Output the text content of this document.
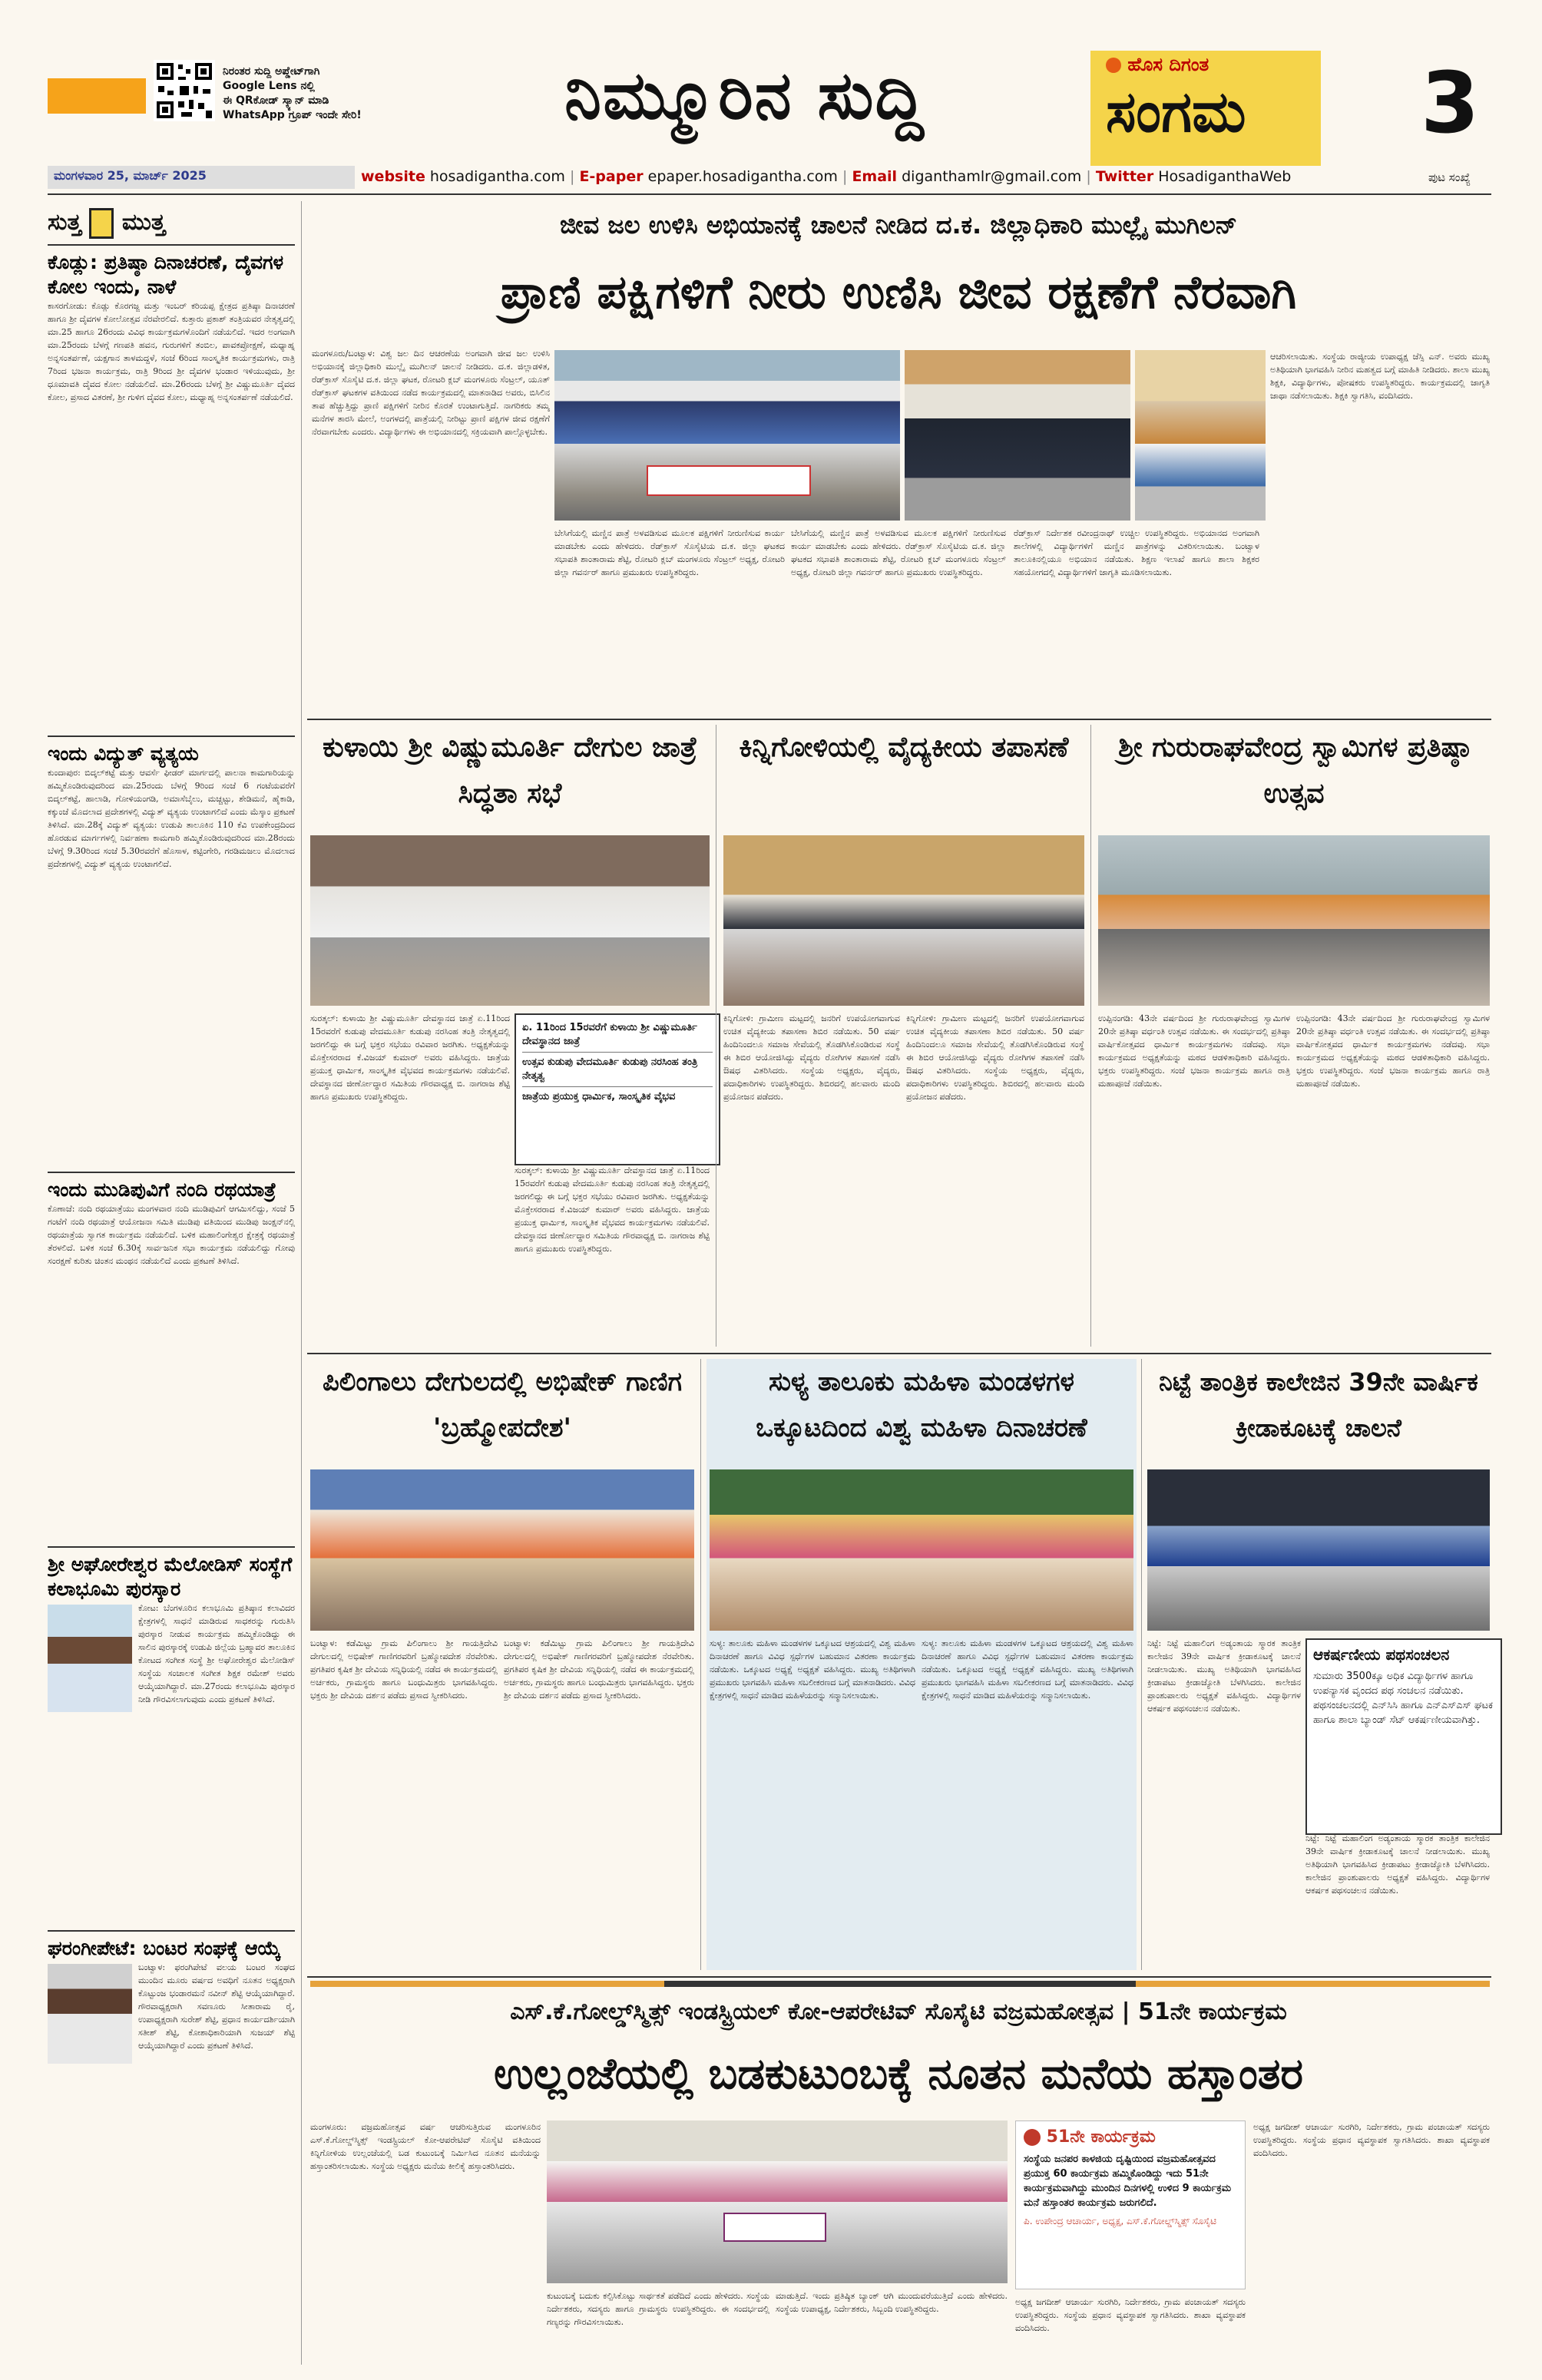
ನಿರಂತರ ಸುದ್ದಿ ಅಪ್ಡೇಟ್‌ಗಾಗಿ
Google Lens ನಲ್ಲಿ
ಈ QRಕೋಡ್ ಸ್ಕ್ಯಾನ್ ಮಾಡಿ
WhatsApp ಗ್ರೂಪ್ ಇಂದೇ ಸೇರಿ!	ನಿಮ್ಮೂರಿನ ಸುದ್ದಿ	ಹೊಸ ದಿಗಂತ
ಸಂಗಮ	3
ಮಂಗಳವಾರ 25, ಮಾರ್ಚ್ 2025	website hosadigantha.com | E-paper epaper.hosadigantha.com | Email diganthamlr@gmail.com | Twitter HosadiganthaWeb	ಪುಟ ಸಂಖ್ಯೆ
ಸುತ್ತ ಮುತ್ತ
ಕೊಡ್ಲು: ಪ್ರತಿಷ್ಠಾ ದಿನಾಚರಣೆ, ದೈವಗಳ ಕೋಲ ಇಂದು, ನಾಳೆ
ಕಾಸರಗೋಡು: ಕೊಡ್ಲು ಕೊರಗಜ್ಜ ಮತ್ತು ಇಂಬರ್ ಕರಿಯಪ್ಪ ಕ್ಷೇತ್ರದ ಪ್ರತಿಷ್ಠಾ ದಿನಾಚರಣೆ ಹಾಗೂ ಶ್ರೀ ದೈವಗಳ ಕೋಲೋತ್ಸವ ನೆರವೇರಲಿದೆ. ಕುತ್ತಾರು ಪ್ರಕಾಶ್ ತಂತ್ರಿಯವರ ನೇತೃತ್ವದಲ್ಲಿ ಮಾ.25 ಹಾಗೂ 26ರಂದು ವಿವಿಧ ಕಾರ್ಯಕ್ರಮಗಳೊಂದಿಗೆ ನಡೆಯಲಿದೆ. ಇದರ ಅಂಗವಾಗಿ ಮಾ.25ರಂದು ಬೆಳಗ್ಗೆ ಗಣಪತಿ ಹವನ, ಗುರುಗಳಿಗೆ ತಂಬಿಲ, ಪಾವಕಪ್ರೋಕ್ಷಣೆ, ಮಧ್ಯಾಹ್ನ ಅನ್ನಸಂತರ್ಪಣೆ, ಯಕ್ಷಗಾನ ತಾಳಮದ್ದಳೆ, ಸಂಜೆ 6ರಿಂದ ಸಾಂಸ್ಕೃತಿಕ ಕಾರ್ಯಕ್ರಮಗಳು, ರಾತ್ರಿ 7ರಿಂದ ಭಜನಾ ಕಾರ್ಯಕ್ರಮ, ರಾತ್ರಿ 9ರಿಂದ ಶ್ರೀ ದೈವಗಳ ಭಂಡಾರ ಇಳಿಯುವುದು, ಶ್ರೀ ಧೂಮಾವತಿ ದೈವದ ಕೋಲ ನಡೆಯಲಿದೆ. ಮಾ.26ರಂದು ಬೆಳಗ್ಗೆ ಶ್ರೀ ವಿಷ್ಣುಮೂರ್ತಿ ದೈವದ ಕೋಲ, ಪ್ರಸಾದ ವಿತರಣೆ, ಶ್ರೀ ಗುಳಿಗ ದೈವದ ಕೋಲ, ಮಧ್ಯಾಹ್ನ ಅನ್ನಸಂತರ್ಪಣೆ ನಡೆಯಲಿದೆ.
ಇಂದು ವಿದ್ಯುತ್ ವ್ಯತ್ಯಯ
ಕುಂದಾಪುರ: ಬಿದ್ಕಲ್‌ಕಟ್ಟೆ ಮತ್ತು ಆವರ್ಸೆ ಫೀಡರ್ ಮಾರ್ಗದಲ್ಲಿ ಪಾಲನಾ ಕಾಮಗಾರಿಯನ್ನು ಹಮ್ಮಿಕೊಂಡಿರುವುದರಿಂದ ಮಾ.25ರಂದು ಬೆಳಗ್ಗೆ 9ರಿಂದ ಸಂಜೆ 6 ಗಂಟೆಯವರೆಗೆ ಬಿದ್ಕಲ್‌ಕಟ್ಟೆ, ಹಾಲಾಡಿ, ಗೋಳಿಯಂಗಡಿ, ಅಮಾಸೆಬೈಲು, ಮಚ್ಚಟ್ಟು, ಶೇಡಿಮನೆ, ಹೈಕಾಡಿ, ಕಕ್ಕುಂಜೆ ಮೊದಲಾದ ಪ್ರದೇಶಗಳಲ್ಲಿ ವಿದ್ಯುತ್ ವ್ಯತ್ಯಯ ಉಂಟಾಗಲಿದೆ ಎಂದು ಮೆಸ್ಕಾಂ ಪ್ರಕಟಣೆ ತಿಳಿಸಿದೆ. ಮಾ.28ಕ್ಕೆ ವಿದ್ಯುತ್ ವ್ಯತ್ಯಯ: ಉಡುಪಿ ತಾಲೂಕಿನ 110 ಕೆವಿ ಉಪಕೇಂದ್ರದಿಂದ ಹೊರಡುವ ಮಾರ್ಗಗಳಲ್ಲಿ ನಿರ್ವಹಣಾ ಕಾಮಗಾರಿ ಹಮ್ಮಿಕೊಂಡಿರುವುದರಿಂದ ಮಾ.28ರಂದು ಬೆಳಗ್ಗೆ 9.30ರಿಂದ ಸಂಜೆ 5.30ರವರೆಗೆ ಹೊಸಾಳ, ಕಟ್ಟಿಂಗೇರಿ, ಗರಡಿಮಜಲು ಮೊದಲಾದ ಪ್ರದೇಶಗಳಲ್ಲಿ ವಿದ್ಯುತ್ ವ್ಯತ್ಯಯ ಉಂಟಾಗಲಿದೆ.
ಇಂದು ಮುಡಿಪುವಿಗೆ ನಂದಿ ರಥಯಾತ್ರೆ
ಕೊಣಾಜೆ: ನಂದಿ ರಥಯಾತ್ರೆಯು ಮಂಗಳವಾರ ನಂದಿ ಮುಡಿಪುವಿಗೆ ಆಗಮಿಸಲಿದ್ದು, ಸಂಜೆ 5 ಗಂಟೆಗೆ ನಂದಿ ರಥಯಾತ್ರೆ ಆಯೋಜನಾ ಸಮಿತಿ ಮುಡಿಪು ವತಿಯಿಂದ ಮುಡಿಪು ಜಂಕ್ಷನ್‌ನಲ್ಲಿ ರಥಯಾತ್ರೆಯ ಸ್ವಾಗತ ಕಾರ್ಯಕ್ರಮ ನಡೆಯಲಿದೆ. ಬಳಿಕ ಮಹಾಲಿಂಗೇಶ್ವರ ಕ್ಷೇತ್ರಕ್ಕೆ ರಥಯಾತ್ರೆ ತೆರಳಲಿದೆ. ಬಳಿಕ ಸಂಜೆ 6.30ಕ್ಕೆ ಸಾರ್ವಜನಿಕ ಸಭಾ ಕಾರ್ಯಕ್ರಮ ನಡೆಯಲಿದ್ದು ಗೋವು ಸಂರಕ್ಷಣೆ ಕುರಿತು ಚಿಂತನ ಮಂಥನ ನಡೆಯಲಿದೆ ಎಂದು ಪ್ರಕಟಣೆ ತಿಳಿಸಿದೆ.
ಶ್ರೀ ಅಘೋರೇಶ್ವರ ಮೆಲೋಡಿಸ್ ಸಂಸ್ಥೆಗೆ ಕಲಾಭೂಮಿ ಪುರಸ್ಕಾರ
ಕೋಟ: ಬೆಂಗಳೂರಿನ ಕಲಾಭೂಮಿ ಪ್ರತಿಷ್ಠಾನ ಕಲಾವಿದರ ಕ್ಷೇತ್ರಗಳಲ್ಲಿ ಸಾಧನೆ ಮಾಡಿರುವ ಸಾಧಕರನ್ನು ಗುರುತಿಸಿ ಪುರಸ್ಕಾರ ನೀಡುವ ಕಾರ್ಯಕ್ರಮ ಹಮ್ಮಿಕೊಂಡಿದ್ದು ಈ ಸಾಲಿನ ಪುರಸ್ಕಾರಕ್ಕೆ ಉಡುಪಿ ಜಿಲ್ಲೆಯ ಬ್ರಹ್ಮಾವರ ತಾಲೂಕಿನ ಕೋಟದ ಸಂಗೀತ ಸಂಸ್ಥೆ ಶ್ರೀ ಅಘೋರೇಶ್ವರ ಮೆಲೋಡಿಸ್ ಸಂಸ್ಥೆಯ ಸಂಚಾಲಕ ಸಂಗೀತ ಶಿಕ್ಷಕ ರಮೇಶ್ ಅವರು ಆಯ್ಕೆಯಾಗಿದ್ದಾರೆ. ಮಾ.27ರಂದು ಕಲಾಭೂಮಿ ಪುರಸ್ಕಾರ ನೀಡಿ ಗೌರವಿಸಲಾಗುವುದು ಎಂದು ಪ್ರಕಟಣೆ ತಿಳಿಸಿದೆ.
ಘರಂಗೀಪೇಟೆ: ಬಂಟರ ಸಂಘಕ್ಕೆ ಆಯ್ಕೆ
ಬಂಟ್ವಾಳ: ಫರಂಗಿಪೇಟೆ ವಲಯ ಬಂಟರ ಸಂಘದ ಮುಂದಿನ ಮೂರು ವರ್ಷದ ಅವಧಿಗೆ ನೂತನ ಅಧ್ಯಕ್ಷರಾಗಿ ಕೊಟ್ಟುಂಜ ಭಂಡಾರಮನೆ ನವೀನ್ ಶೆಟ್ಟಿ ಆಯ್ಕೆಯಾಗಿದ್ದಾರೆ. ಗೌರವಾಧ್ಯಕ್ಷರಾಗಿ ಸವಣೂರು ಸೀತಾರಾಮ ರೈ, ಉಪಾಧ್ಯಕ್ಷರಾಗಿ ಸುರೇಶ್ ಶೆಟ್ಟಿ, ಪ್ರಧಾನ ಕಾರ್ಯದರ್ಶಿಯಾಗಿ ಸತೀಶ್ ಶೆಟ್ಟಿ, ಕೋಶಾಧಿಕಾರಿಯಾಗಿ ಸುಜಯ್ ಶೆಟ್ಟಿ ಆಯ್ಕೆಯಾಗಿದ್ದಾರೆ ಎಂದು ಪ್ರಕಟಣೆ ತಿಳಿಸಿದೆ.
ಜೀವ ಜಲ ಉಳಿಸಿ ಅಭಿಯಾನಕ್ಕೆ ಚಾಲನೆ ನೀಡಿದ ದ.ಕ. ಜಿಲ್ಲಾಧಿಕಾರಿ ಮುಲ್ಲೈ ಮುಗಿಲನ್
ಪ್ರಾಣಿ ಪಕ್ಷಿಗಳಿಗೆ ನೀರು ಉಣಿಸಿ ಜೀವ ರಕ್ಷಣೆಗೆ ನೆರವಾಗಿ
ಮಂಗಳೂರು/ಬಂಟ್ವಾಳ: ವಿಶ್ವ ಜಲ ದಿನ ಆಚರಣೆಯ ಅಂಗವಾಗಿ ಜೀವ ಜಲ ಉಳಿಸಿ ಅಭಿಯಾನಕ್ಕೆ ಜಿಲ್ಲಾಧಿಕಾರಿ ಮುಲ್ಲೈ ಮುಗಿಲನ್ ಚಾಲನೆ ನೀಡಿದರು. ದ.ಕ. ಜಿಲ್ಲಾಡಳಿತ, ರೆಡ್‌ಕ್ರಾಸ್ ಸೊಸೈಟಿ ದ.ಕ. ಜಿಲ್ಲಾ ಘಟಕ, ರೋಟರಿ ಕ್ಲಬ್ ಮಂಗಳೂರು ಸೆಂಟ್ರಲ್, ಯೂತ್ ರೆಡ್‌ಕ್ರಾಸ್ ಘಟಕಗಳ ವತಿಯಿಂದ ನಡೆದ ಕಾರ್ಯಕ್ರಮದಲ್ಲಿ ಮಾತನಾಡಿದ ಅವರು, ಬಿಸಿಲಿನ ತಾಪ ಹೆಚ್ಚುತ್ತಿದ್ದು ಪ್ರಾಣಿ ಪಕ್ಷಿಗಳಿಗೆ ನೀರಿನ ಕೊರತೆ ಉಂಟಾಗುತ್ತಿದೆ. ನಾಗರಿಕರು ತಮ್ಮ ಮನೆಗಳ ತಾರಸಿ ಮೇಲೆ, ಅಂಗಳದಲ್ಲಿ ಪಾತ್ರೆಯಲ್ಲಿ ನೀರಿಟ್ಟು ಪ್ರಾಣಿ ಪಕ್ಷಿಗಳ ಜೀವ ರಕ್ಷಣೆಗೆ ನೆರವಾಗಬೇಕು ಎಂದರು. ವಿದ್ಯಾರ್ಥಿಗಳು ಈ ಅಭಿಯಾನದಲ್ಲಿ ಸಕ್ರಿಯವಾಗಿ ಪಾಲ್ಗೊಳ್ಳಬೇಕು.
ಬೇಸಿಗೆಯಲ್ಲಿ ಮಣ್ಣಿನ ಪಾತ್ರೆ ಅಳವಡಿಸುವ ಮೂಲಕ ಪಕ್ಷಿಗಳಿಗೆ ನೀರುಣಿಸುವ ಕಾರ್ಯ ಮಾಡಬೇಕು ಎಂದು ಹೇಳಿದರು. ರೆಡ್‌ಕ್ರಾಸ್ ಸೊಸೈಟಿಯ ದ.ಕ. ಜಿಲ್ಲಾ ಘಟಕದ ಸಭಾಪತಿ ಶಾಂತಾರಾಮ ಶೆಟ್ಟಿ, ರೋಟರಿ ಕ್ಲಬ್ ಮಂಗಳೂರು ಸೆಂಟ್ರಲ್ ಅಧ್ಯಕ್ಷ, ರೋಟರಿ ಜಿಲ್ಲಾ ಗವರ್ನರ್ ಹಾಗೂ ಪ್ರಮುಖರು ಉಪಸ್ಥಿತರಿದ್ದರು.
ಬೇಸಿಗೆಯಲ್ಲಿ ಮಣ್ಣಿನ ಪಾತ್ರೆ ಅಳವಡಿಸುವ ಮೂಲಕ ಪಕ್ಷಿಗಳಿಗೆ ನೀರುಣಿಸುವ ಕಾರ್ಯ ಮಾಡಬೇಕು ಎಂದು ಹೇಳಿದರು. ರೆಡ್‌ಕ್ರಾಸ್ ಸೊಸೈಟಿಯ ದ.ಕ. ಜಿಲ್ಲಾ ಘಟಕದ ಸಭಾಪತಿ ಶಾಂತಾರಾಮ ಶೆಟ್ಟಿ, ರೋಟರಿ ಕ್ಲಬ್ ಮಂಗಳೂರು ಸೆಂಟ್ರಲ್ ಅಧ್ಯಕ್ಷ, ರೋಟರಿ ಜಿಲ್ಲಾ ಗವರ್ನರ್ ಹಾಗೂ ಪ್ರಮುಖರು ಉಪಸ್ಥಿತರಿದ್ದರು.
ರೆಡ್‌ಕ್ರಾಸ್ ನಿರ್ದೇಶಕ ರವೀಂದ್ರನಾಥ್ ಉಚ್ಚಿಲ ಉಪಸ್ಥಿತರಿದ್ದರು. ಅಭಿಯಾನದ ಅಂಗವಾಗಿ ಶಾಲೆಗಳಲ್ಲಿ ವಿದ್ಯಾರ್ಥಿಗಳಿಗೆ ಮಣ್ಣಿನ ಪಾತ್ರೆಗಳನ್ನು ವಿತರಿಸಲಾಯಿತು. ಬಂಟ್ವಾಳ ತಾಲೂಕಿನಲ್ಲಿಯೂ ಅಭಿಯಾನ ನಡೆಯಿತು. ಶಿಕ್ಷಣ ಇಲಾಖೆ ಹಾಗೂ ಶಾಲಾ ಶಿಕ್ಷಕರ ಸಹಯೋಗದಲ್ಲಿ ವಿದ್ಯಾರ್ಥಿಗಳಿಗೆ ಜಾಗೃತಿ ಮೂಡಿಸಲಾಯಿತು.
ಆಚರಿಸಲಾಯಿತು. ಸಂಸ್ಥೆಯ ರಾಜ್ಯೀಯ ಉಪಾಧ್ಯಕ್ಷ ಜೆಸ್ಸಿ ಎನ್. ಅವರು ಮುಖ್ಯ ಅತಿಥಿಯಾಗಿ ಭಾಗವಹಿಸಿ ನೀರಿನ ಮಹತ್ವದ ಬಗ್ಗೆ ಮಾಹಿತಿ ನೀಡಿದರು. ಶಾಲಾ ಮುಖ್ಯ ಶಿಕ್ಷಕಿ, ವಿದ್ಯಾರ್ಥಿಗಳು, ಪೋಷಕರು ಉಪಸ್ಥಿತರಿದ್ದರು. ಕಾರ್ಯಕ್ರಮದಲ್ಲಿ ಜಾಗೃತಿ ಜಾಥಾ ನಡೆಸಲಾಯಿತು. ಶಿಕ್ಷಕಿ ಸ್ವಾಗತಿಸಿ, ವಂದಿಸಿದರು.
ಕುಳಾಯಿ ಶ್ರೀ ವಿಷ್ಣುಮೂರ್ತಿ ದೇಗುಲ ಜಾತ್ರೆ ಸಿದ್ಧತಾ ಸಭೆ
ಸುರತ್ಕಲ್: ಕುಳಾಯಿ ಶ್ರೀ ವಿಷ್ಣುಮೂರ್ತಿ ದೇವಸ್ಥಾನದ ಜಾತ್ರೆ ಏ.11ರಿಂದ 15ರವರೆಗೆ ಕುಡುಪು ವೇದಮೂರ್ತಿ ಕುಡುಪು ನರಸಿಂಹ ತಂತ್ರಿ ನೇತೃತ್ವದಲ್ಲಿ ಜರಗಲಿದ್ದು ಈ ಬಗ್ಗೆ ಭಕ್ತರ ಸಭೆಯು ರವಿವಾರ ಜರಗಿತು. ಅಧ್ಯಕ್ಷತೆಯನ್ನು ಮೊಕ್ತೇಸರರಾದ ಕೆ.ವಿಜಯ್ ಕುಮಾರ್ ಅವರು ವಹಿಸಿದ್ದರು. ಜಾತ್ರೆಯ ಪ್ರಯುಕ್ತ ಧಾರ್ಮಿಕ, ಸಾಂಸ್ಕೃತಿಕ ವೈಭವದ ಕಾರ್ಯಕ್ರಮಗಳು ನಡೆಯಲಿವೆ. ದೇವಸ್ಥಾನದ ಜೀರ್ಣೋದ್ಧಾರ ಸಮಿತಿಯ ಗೌರವಾಧ್ಯಕ್ಷ ಬಿ. ನಾಗರಾಜ ಶೆಟ್ಟಿ ಹಾಗೂ ಪ್ರಮುಖರು ಉಪಸ್ಥಿತರಿದ್ದರು.
ಏ. 11ರಿಂದ 15ರವರೆಗೆ ಕುಳಾಯಿ ಶ್ರೀ ವಿಷ್ಣುಮೂರ್ತಿ ದೇವಸ್ಥಾನದ ಜಾತ್ರೆ
ಉತ್ಸವ ಕುಡುಪು ವೇದಮೂರ್ತಿ ಕುಡುಪು ನರಸಿಂಹ ತಂತ್ರಿ ನೇತೃತ್ವ
ಜಾತ್ರೆಯ ಪ್ರಯುಕ್ತ ಧಾರ್ಮಿಕ, ಸಾಂಸ್ಕೃತಿಕ ವೈಭವ
ಸುರತ್ಕಲ್: ಕುಳಾಯಿ ಶ್ರೀ ವಿಷ್ಣುಮೂರ್ತಿ ದೇವಸ್ಥಾನದ ಜಾತ್ರೆ ಏ.11ರಿಂದ 15ರವರೆಗೆ ಕುಡುಪು ವೇದಮೂರ್ತಿ ಕುಡುಪು ನರಸಿಂಹ ತಂತ್ರಿ ನೇತೃತ್ವದಲ್ಲಿ ಜರಗಲಿದ್ದು ಈ ಬಗ್ಗೆ ಭಕ್ತರ ಸಭೆಯು ರವಿವಾರ ಜರಗಿತು. ಅಧ್ಯಕ್ಷತೆಯನ್ನು ಮೊಕ್ತೇಸರರಾದ ಕೆ.ವಿಜಯ್ ಕುಮಾರ್ ಅವರು ವಹಿಸಿದ್ದರು. ಜಾತ್ರೆಯ ಪ್ರಯುಕ್ತ ಧಾರ್ಮಿಕ, ಸಾಂಸ್ಕೃತಿಕ ವೈಭವದ ಕಾರ್ಯಕ್ರಮಗಳು ನಡೆಯಲಿವೆ. ದೇವಸ್ಥಾನದ ಜೀರ್ಣೋದ್ಧಾರ ಸಮಿತಿಯ ಗೌರವಾಧ್ಯಕ್ಷ ಬಿ. ನಾಗರಾಜ ಶೆಟ್ಟಿ ಹಾಗೂ ಪ್ರಮುಖರು ಉಪಸ್ಥಿತರಿದ್ದರು.
ಕಿನ್ನಿಗೋಳಿಯಲ್ಲಿ ವೈದ್ಯಕೀಯ ತಪಾಸಣೆ
ಕಿನ್ನಿಗೋಳಿ: ಗ್ರಾಮೀಣ ಮಟ್ಟದಲ್ಲಿ ಜನರಿಗೆ ಉಪಯೋಗವಾಗುವ ಉಚಿತ ವೈದ್ಯಕೀಯ ತಪಾಸಣಾ ಶಿಬಿರ ನಡೆಯಿತು. 50 ವರ್ಷ ಹಿಂದಿನಿಂದಲೂ ಸಮಾಜ ಸೇವೆಯಲ್ಲಿ ತೊಡಗಿಸಿಕೊಂಡಿರುವ ಸಂಸ್ಥೆ ಈ ಶಿಬಿರ ಆಯೋಜಿಸಿದ್ದು ವೈದ್ಯರು ರೋಗಿಗಳ ತಪಾಸಣೆ ನಡೆಸಿ ಔಷಧ ವಿತರಿಸಿದರು. ಸಂಸ್ಥೆಯ ಅಧ್ಯಕ್ಷರು, ವೈದ್ಯರು, ಪದಾಧಿಕಾರಿಗಳು ಉಪಸ್ಥಿತರಿದ್ದರು. ಶಿಬಿರದಲ್ಲಿ ಹಲವಾರು ಮಂದಿ ಪ್ರಯೋಜನ ಪಡೆದರು.
ಕಿನ್ನಿಗೋಳಿ: ಗ್ರಾಮೀಣ ಮಟ್ಟದಲ್ಲಿ ಜನರಿಗೆ ಉಪಯೋಗವಾಗುವ ಉಚಿತ ವೈದ್ಯಕೀಯ ತಪಾಸಣಾ ಶಿಬಿರ ನಡೆಯಿತು. 50 ವರ್ಷ ಹಿಂದಿನಿಂದಲೂ ಸಮಾಜ ಸೇವೆಯಲ್ಲಿ ತೊಡಗಿಸಿಕೊಂಡಿರುವ ಸಂಸ್ಥೆ ಈ ಶಿಬಿರ ಆಯೋಜಿಸಿದ್ದು ವೈದ್ಯರು ರೋಗಿಗಳ ತಪಾಸಣೆ ನಡೆಸಿ ಔಷಧ ವಿತರಿಸಿದರು. ಸಂಸ್ಥೆಯ ಅಧ್ಯಕ್ಷರು, ವೈದ್ಯರು, ಪದಾಧಿಕಾರಿಗಳು ಉಪಸ್ಥಿತರಿದ್ದರು. ಶಿಬಿರದಲ್ಲಿ ಹಲವಾರು ಮಂದಿ ಪ್ರಯೋಜನ ಪಡೆದರು.
ಶ್ರೀ ಗುರುರಾಘವೇಂದ್ರ ಸ್ವಾಮಿಗಳ ಪ್ರತಿಷ್ಠಾ ಉತ್ಸವ
ಉಪ್ಪಿನಂಗಡಿ: 43ನೇ ವರ್ಷದಿಂದ ಶ್ರೀ ಗುರುರಾಘವೇಂದ್ರ ಸ್ವಾಮಿಗಳ 20ನೇ ಪ್ರತಿಷ್ಠಾ ವರ್ಧಂತಿ ಉತ್ಸವ ನಡೆಯಿತು. ಈ ಸಂದರ್ಭದಲ್ಲಿ ಪ್ರತಿಷ್ಠಾ ವಾರ್ಷಿಕೋತ್ಸವದ ಧಾರ್ಮಿಕ ಕಾರ್ಯಕ್ರಮಗಳು ನಡೆದವು. ಸಭಾ ಕಾರ್ಯಕ್ರಮದ ಅಧ್ಯಕ್ಷತೆಯನ್ನು ಮಠದ ಆಡಳಿತಾಧಿಕಾರಿ ವಹಿಸಿದ್ದರು. ಭಕ್ತರು ಉಪಸ್ಥಿತರಿದ್ದರು. ಸಂಜೆ ಭಜನಾ ಕಾರ್ಯಕ್ರಮ ಹಾಗೂ ರಾತ್ರಿ ಮಹಾಪೂಜೆ ನಡೆಯಿತು.
ಉಪ್ಪಿನಂಗಡಿ: 43ನೇ ವರ್ಷದಿಂದ ಶ್ರೀ ಗುರುರಾಘವೇಂದ್ರ ಸ್ವಾಮಿಗಳ 20ನೇ ಪ್ರತಿಷ್ಠಾ ವರ್ಧಂತಿ ಉತ್ಸವ ನಡೆಯಿತು. ಈ ಸಂದರ್ಭದಲ್ಲಿ ಪ್ರತಿಷ್ಠಾ ವಾರ್ಷಿಕೋತ್ಸವದ ಧಾರ್ಮಿಕ ಕಾರ್ಯಕ್ರಮಗಳು ನಡೆದವು. ಸಭಾ ಕಾರ್ಯಕ್ರಮದ ಅಧ್ಯಕ್ಷತೆಯನ್ನು ಮಠದ ಆಡಳಿತಾಧಿಕಾರಿ ವಹಿಸಿದ್ದರು. ಭಕ್ತರು ಉಪಸ್ಥಿತರಿದ್ದರು. ಸಂಜೆ ಭಜನಾ ಕಾರ್ಯಕ್ರಮ ಹಾಗೂ ರಾತ್ರಿ ಮಹಾಪೂಜೆ ನಡೆಯಿತು.
ಪಿಲಿಂಗಾಲು ದೇಗುಲದಲ್ಲಿ ಅಭಿಷೇಕ್ ಗಾಣಿಗ 'ಬ್ರಹ್ಮೋಪದೇಶ'
ಬಂಟ್ವಾಳ: ಕಡೆಮಿಟ್ಟು ಗ್ರಾಮ ಪಿಲಿಂಗಾಲು ಶ್ರೀ ಗಾಯತ್ರಿದೇವಿ ದೇಗುಲದಲ್ಲಿ ಅಭಿಷೇಕ್ ಗಾಣಿಗರವರಿಗೆ ಬ್ರಹ್ಮೋಪದೇಶ ನೆರವೇರಿತು. ಪ್ರಗತಿಪರ ಕೃಷಿಕ ಶ್ರೀ ದೇವಿಯ ಸನ್ನಿಧಿಯಲ್ಲಿ ನಡೆದ ಈ ಕಾರ್ಯಕ್ರಮದಲ್ಲಿ ಅರ್ಚಕರು, ಗ್ರಾಮಸ್ಥರು ಹಾಗೂ ಬಂಧುಮಿತ್ರರು ಭಾಗವಹಿಸಿದ್ದರು. ಭಕ್ತರು ಶ್ರೀ ದೇವಿಯ ದರ್ಶನ ಪಡೆದು ಪ್ರಸಾದ ಸ್ವೀಕರಿಸಿದರು.
ಬಂಟ್ವಾಳ: ಕಡೆಮಿಟ್ಟು ಗ್ರಾಮ ಪಿಲಿಂಗಾಲು ಶ್ರೀ ಗಾಯತ್ರಿದೇವಿ ದೇಗುಲದಲ್ಲಿ ಅಭಿಷೇಕ್ ಗಾಣಿಗರವರಿಗೆ ಬ್ರಹ್ಮೋಪದೇಶ ನೆರವೇರಿತು. ಪ್ರಗತಿಪರ ಕೃಷಿಕ ಶ್ರೀ ದೇವಿಯ ಸನ್ನಿಧಿಯಲ್ಲಿ ನಡೆದ ಈ ಕಾರ್ಯಕ್ರಮದಲ್ಲಿ ಅರ್ಚಕರು, ಗ್ರಾಮಸ್ಥರು ಹಾಗೂ ಬಂಧುಮಿತ್ರರು ಭಾಗವಹಿಸಿದ್ದರು. ಭಕ್ತರು ಶ್ರೀ ದೇವಿಯ ದರ್ಶನ ಪಡೆದು ಪ್ರಸಾದ ಸ್ವೀಕರಿಸಿದರು.
ಸುಳ್ಯ ತಾಲೂಕು ಮಹಿಳಾ ಮಂಡಳಗಳ ಒಕ್ಕೂಟದಿಂದ ವಿಶ್ವ ಮಹಿಳಾ ದಿನಾಚರಣೆ
ಸುಳ್ಯ: ತಾಲೂಕು ಮಹಿಳಾ ಮಂಡಳಗಳ ಒಕ್ಕೂಟದ ಆಶ್ರಯದಲ್ಲಿ ವಿಶ್ವ ಮಹಿಳಾ ದಿನಾಚರಣೆ ಹಾಗೂ ವಿವಿಧ ಸ್ಪರ್ಧೆಗಳ ಬಹುಮಾನ ವಿತರಣಾ ಕಾರ್ಯಕ್ರಮ ನಡೆಯಿತು. ಒಕ್ಕೂಟದ ಅಧ್ಯಕ್ಷೆ ಅಧ್ಯಕ್ಷತೆ ವಹಿಸಿದ್ದರು. ಮುಖ್ಯ ಅತಿಥಿಗಳಾಗಿ ಪ್ರಮುಖರು ಭಾಗವಹಿಸಿ ಮಹಿಳಾ ಸಬಲೀಕರಣದ ಬಗ್ಗೆ ಮಾತನಾಡಿದರು. ವಿವಿಧ ಕ್ಷೇತ್ರಗಳಲ್ಲಿ ಸಾಧನೆ ಮಾಡಿದ ಮಹಿಳೆಯರನ್ನು ಸನ್ಮಾನಿಸಲಾಯಿತು.
ಸುಳ್ಯ: ತಾಲೂಕು ಮಹಿಳಾ ಮಂಡಳಗಳ ಒಕ್ಕೂಟದ ಆಶ್ರಯದಲ್ಲಿ ವಿಶ್ವ ಮಹಿಳಾ ದಿನಾಚರಣೆ ಹಾಗೂ ವಿವಿಧ ಸ್ಪರ್ಧೆಗಳ ಬಹುಮಾನ ವಿತರಣಾ ಕಾರ್ಯಕ್ರಮ ನಡೆಯಿತು. ಒಕ್ಕೂಟದ ಅಧ್ಯಕ್ಷೆ ಅಧ್ಯಕ್ಷತೆ ವಹಿಸಿದ್ದರು. ಮುಖ್ಯ ಅತಿಥಿಗಳಾಗಿ ಪ್ರಮುಖರು ಭಾಗವಹಿಸಿ ಮಹಿಳಾ ಸಬಲೀಕರಣದ ಬಗ್ಗೆ ಮಾತನಾಡಿದರು. ವಿವಿಧ ಕ್ಷೇತ್ರಗಳಲ್ಲಿ ಸಾಧನೆ ಮಾಡಿದ ಮಹಿಳೆಯರನ್ನು ಸನ್ಮಾನಿಸಲಾಯಿತು.
ನಿಟ್ಟೆ ತಾಂತ್ರಿಕ ಕಾಲೇಜಿನ 39ನೇ ವಾರ್ಷಿಕ ಕ್ರೀಡಾಕೂಟಕ್ಕೆ ಚಾಲನೆ
ನಿಟ್ಟೆ: ನಿಟ್ಟೆ ಮಹಾಲಿಂಗ ಅಡ್ಯಂತಾಯ ಸ್ಮಾರಕ ತಾಂತ್ರಿಕ ಕಾಲೇಜಿನ 39ನೇ ವಾರ್ಷಿಕ ಕ್ರೀಡಾಕೂಟಕ್ಕೆ ಚಾಲನೆ ನೀಡಲಾಯಿತು. ಮುಖ್ಯ ಅತಿಥಿಯಾಗಿ ಭಾಗವಹಿಸಿದ ಕ್ರೀಡಾಪಟು ಕ್ರೀಡಾಜ್ಯೋತಿ ಬೆಳಗಿಸಿದರು. ಕಾಲೇಜಿನ ಪ್ರಾಂಶುಪಾಲರು ಅಧ್ಯಕ್ಷತೆ ವಹಿಸಿದ್ದರು. ವಿದ್ಯಾರ್ಥಿಗಳ ಆಕರ್ಷಕ ಪಥಸಂಚಲನ ನಡೆಯಿತು.
ಆಕರ್ಷಣೀಯ ಪಥಸಂಚಲನ
ಸುಮಾರು 3500ಕ್ಕೂ ಅಧಿಕ ವಿದ್ಯಾರ್ಥಿಗಳ ಹಾಗೂ ಉಪನ್ಯಾಸಕ ವೃಂದದ ಪಥ ಸಂಚಲನ ನಡೆಯಿತು. ಪಥಸಂಚಲನದಲ್ಲಿ ಎನ್‌ಸಿಸಿ ಹಾಗೂ ಎನ್‌ಎಸ್‌ಎಸ್ ಘಟಕ ಹಾಗೂ ಶಾಲಾ ಬ್ಯಾಂಡ್ ಸೆಟ್ ಆಕರ್ಷಣೀಯವಾಗಿತ್ತು.
ನಿಟ್ಟೆ: ನಿಟ್ಟೆ ಮಹಾಲಿಂಗ ಅಡ್ಯಂತಾಯ ಸ್ಮಾರಕ ತಾಂತ್ರಿಕ ಕಾಲೇಜಿನ 39ನೇ ವಾರ್ಷಿಕ ಕ್ರೀಡಾಕೂಟಕ್ಕೆ ಚಾಲನೆ ನೀಡಲಾಯಿತು. ಮುಖ್ಯ ಅತಿಥಿಯಾಗಿ ಭಾಗವಹಿಸಿದ ಕ್ರೀಡಾಪಟು ಕ್ರೀಡಾಜ್ಯೋತಿ ಬೆಳಗಿಸಿದರು. ಕಾಲೇಜಿನ ಪ್ರಾಂಶುಪಾಲರು ಅಧ್ಯಕ್ಷತೆ ವಹಿಸಿದ್ದರು. ವಿದ್ಯಾರ್ಥಿಗಳ ಆಕರ್ಷಕ ಪಥಸಂಚಲನ ನಡೆಯಿತು.
ಎಸ್.ಕೆ.ಗೋಲ್ಡ್‌ಸ್ಮಿತ್ಸ್ ಇಂಡಸ್ಟ್ರಿಯಲ್ ಕೋ-ಆಪರೇಟಿವ್ ಸೊಸೈಟಿ ವಜ್ರಮಹೋತ್ಸವ | 51ನೇ ಕಾರ್ಯಕ್ರಮ
ಉಲ್ಲಂಜೆಯಲ್ಲಿ ಬಡಕುಟುಂಬಕ್ಕೆ ನೂತನ ಮನೆಯ ಹಸ್ತಾಂತರ
ಮಂಗಳೂರು: ವಜ್ರಮಹೋತ್ಸವ ವರ್ಷ ಆಚರಿಸುತ್ತಿರುವ ಮಂಗಳೂರಿನ ಎಸ್.ಕೆ.ಗೋಲ್ಡ್‌ಸ್ಮಿತ್ಸ್ ಇಂಡಸ್ಟ್ರಿಯಲ್ ಕೋ-ಆಪರೇಟಿವ್ ಸೊಸೈಟಿ ವತಿಯಿಂದ ಕಿನ್ನಿಗೋಳಿಯ ಉಲ್ಲಂಜೆಯಲ್ಲಿ ಬಡ ಕುಟುಂಬಕ್ಕೆ ನಿರ್ಮಿಸಿದ ನೂತನ ಮನೆಯನ್ನು ಹಸ್ತಾಂತರಿಸಲಾಯಿತು. ಸಂಸ್ಥೆಯ ಅಧ್ಯಕ್ಷರು ಮನೆಯ ಕೀಲಿಕೈ ಹಸ್ತಾಂತರಿಸಿದರು.
ಕುಟುಂಬಕ್ಕೆ ಬದುಕು ಕಲ್ಪಿಸಿಕೊಟ್ಟು ಸಾರ್ಥಕತೆ ಪಡೆದಿದೆ ಎಂದು ಹೇಳಿದರು. ಸಂಸ್ಥೆಯ ನಿರ್ದೇಶಕರು, ಸದಸ್ಯರು ಹಾಗೂ ಗ್ರಾಮಸ್ಥರು ಉಪಸ್ಥಿತರಿದ್ದರು. ಈ ಸಂದರ್ಭದಲ್ಲಿ ಗಣ್ಯರನ್ನು ಗೌರವಿಸಲಾಯಿತು.
ಮಾಡುತ್ತಿದೆ. ಇಂದು ಪ್ರತಿಷ್ಠಿತ ಬ್ಯಾಂಕ್ ಆಗಿ ಮುಂದುವರೆಯುತ್ತಿದೆ ಎಂದು ಹೇಳಿದರು. ಸಂಸ್ಥೆಯ ಉಪಾಧ್ಯಕ್ಷ, ನಿರ್ದೇಶಕರು, ಸಿಬ್ಬಂದಿ ಉಪಸ್ಥಿತರಿದ್ದರು.
51ನೇ ಕಾರ್ಯಕ್ರಮ
ಸಂಸ್ಥೆಯ ಜನಪರ ಕಾಳಜಿಯ ದೃಷ್ಟಿಯಿಂದ ವಜ್ರಮಹೋತ್ಸವದ ಪ್ರಯುಕ್ತ 60 ಕಾರ್ಯಕ್ರಮ ಹಮ್ಮಿಕೊಂಡಿದ್ದು ಇದು 51ನೇ ಕಾರ್ಯಕ್ರಮವಾಗಿದ್ದು ಮುಂದಿನ ದಿನಗಳಲ್ಲಿ ಉಳಿದ 9 ಕಾರ್ಯಕ್ರಮ ಮನೆ ಹಸ್ತಾಂತರ ಕಾರ್ಯಕ್ರಮ ಜರುಗಲಿದೆ.
ಪಿ. ಉಪೇಂದ್ರ ಆಚಾರ್ಯ, ಅಧ್ಯಕ್ಷ, ಎಸ್.ಕೆ.ಗೋಲ್ಡ್‌ಸ್ಮಿತ್ಸ್ ಸೊಸೈಟಿ
ಅಧ್ಯಕ್ಷ ಜಗದೀಶ್ ಆಚಾರ್ಯ ಸುರಗಿರಿ, ನಿರ್ದೇಶಕರು, ಗ್ರಾಮ ಪಂಚಾಯತ್ ಸದಸ್ಯರು ಉಪಸ್ಥಿತರಿದ್ದರು. ಸಂಸ್ಥೆಯ ಪ್ರಧಾನ ವ್ಯವಸ್ಥಾಪಕ ಸ್ವಾಗತಿಸಿದರು. ಶಾಖಾ ವ್ಯವಸ್ಥಾಪಕ ವಂದಿಸಿದರು.
ಅಧ್ಯಕ್ಷ ಜಗದೀಶ್ ಆಚಾರ್ಯ ಸುರಗಿರಿ, ನಿರ್ದೇಶಕರು, ಗ್ರಾಮ ಪಂಚಾಯತ್ ಸದಸ್ಯರು ಉಪಸ್ಥಿತರಿದ್ದರು. ಸಂಸ್ಥೆಯ ಪ್ರಧಾನ ವ್ಯವಸ್ಥಾಪಕ ಸ್ವಾಗತಿಸಿದರು. ಶಾಖಾ ವ್ಯವಸ್ಥಾಪಕ ವಂದಿಸಿದರು.
